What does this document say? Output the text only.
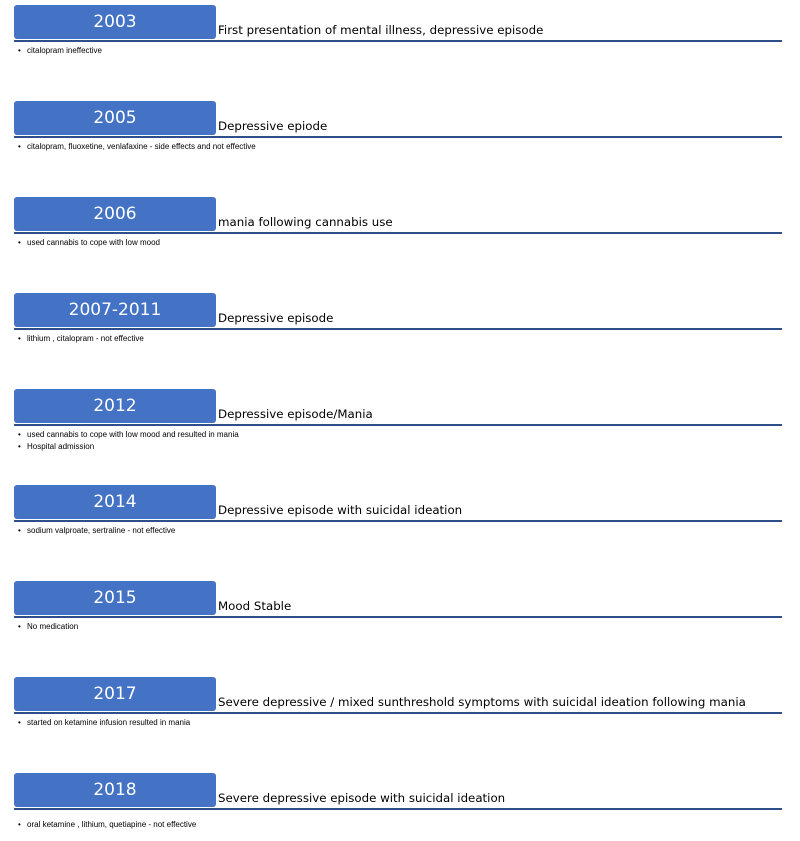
2003	First presentation of mental illness, depressive episode
• citalopram ineffective
2005	Depressive epiode
• citalopram, fluoxetine, venlafaxine - side effects and not effective
2006	mania following cannabis use
• used cannabis to cope with low mood
2007-2011	Depressive episode
• lithium , citalopram - not effective
2012	Depressive episode/Mania
• used cannabis to cope with low mood and resulted in mania
• Hospital admission
2014	Depressive episode with suicidal ideation
• sodium valproate, sertraline - not effective
2015	Mood Stable
• No medication
2017	Severe depressive / mixed sunthreshold symptoms with suicidal ideation following mania
• started on ketamine infusion resulted in mania
2018	Severe depressive episode with suicidal ideation
• oral ketamine , lithium, quetiapine - not effective
